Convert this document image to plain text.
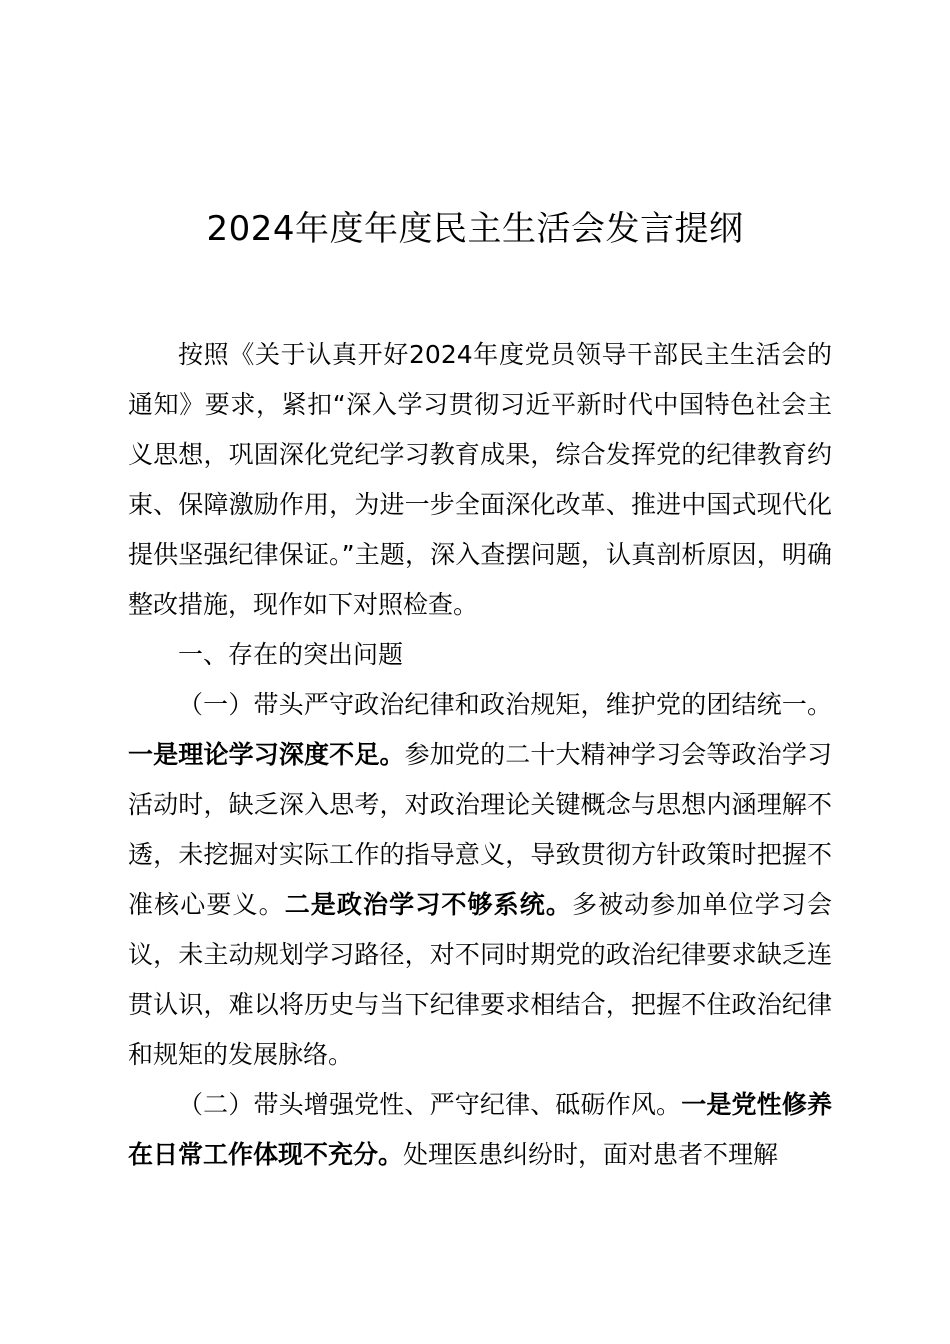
2024年度年度民主生活会发言提纲

按照《关于认真开好2024年度党员领导干部民主生活会的通知》要求，紧扣“深入学习贯彻习近平新时代中国特色社会主义思想，巩固深化党纪学习教育成果，综合发挥党的纪律教育约束、保障激励作用，为进一步全面深化改革、推进中国式现代化提供坚强纪律保证。”主题，深入查摆问题，认真剖析原因，明确整改措施，现作如下对照检查。

一、存在的突出问题

（一）带头严守政治纪律和政治规矩，维护党的团结统一。一是理论学习深度不足。参加党的二十大精神学习会等政治学习活动时，缺乏深入思考，对政治理论关键概念与思想内涵理解不透，未挖掘对实际工作的指导意义，导致贯彻方针政策时把握不准核心要义。二是政治学习不够系统。多被动参加单位学习会议，未主动规划学习路径，对不同时期党的政治纪律要求缺乏连贯认识，难以将历史与当下纪律要求相结合，把握不住政治纪律和规矩的发展脉络。

（二）带头增强党性、严守纪律、砥砺作风。一是党性修养在日常工作体现不充分。处理医患纠纷时，面对患者不理解
